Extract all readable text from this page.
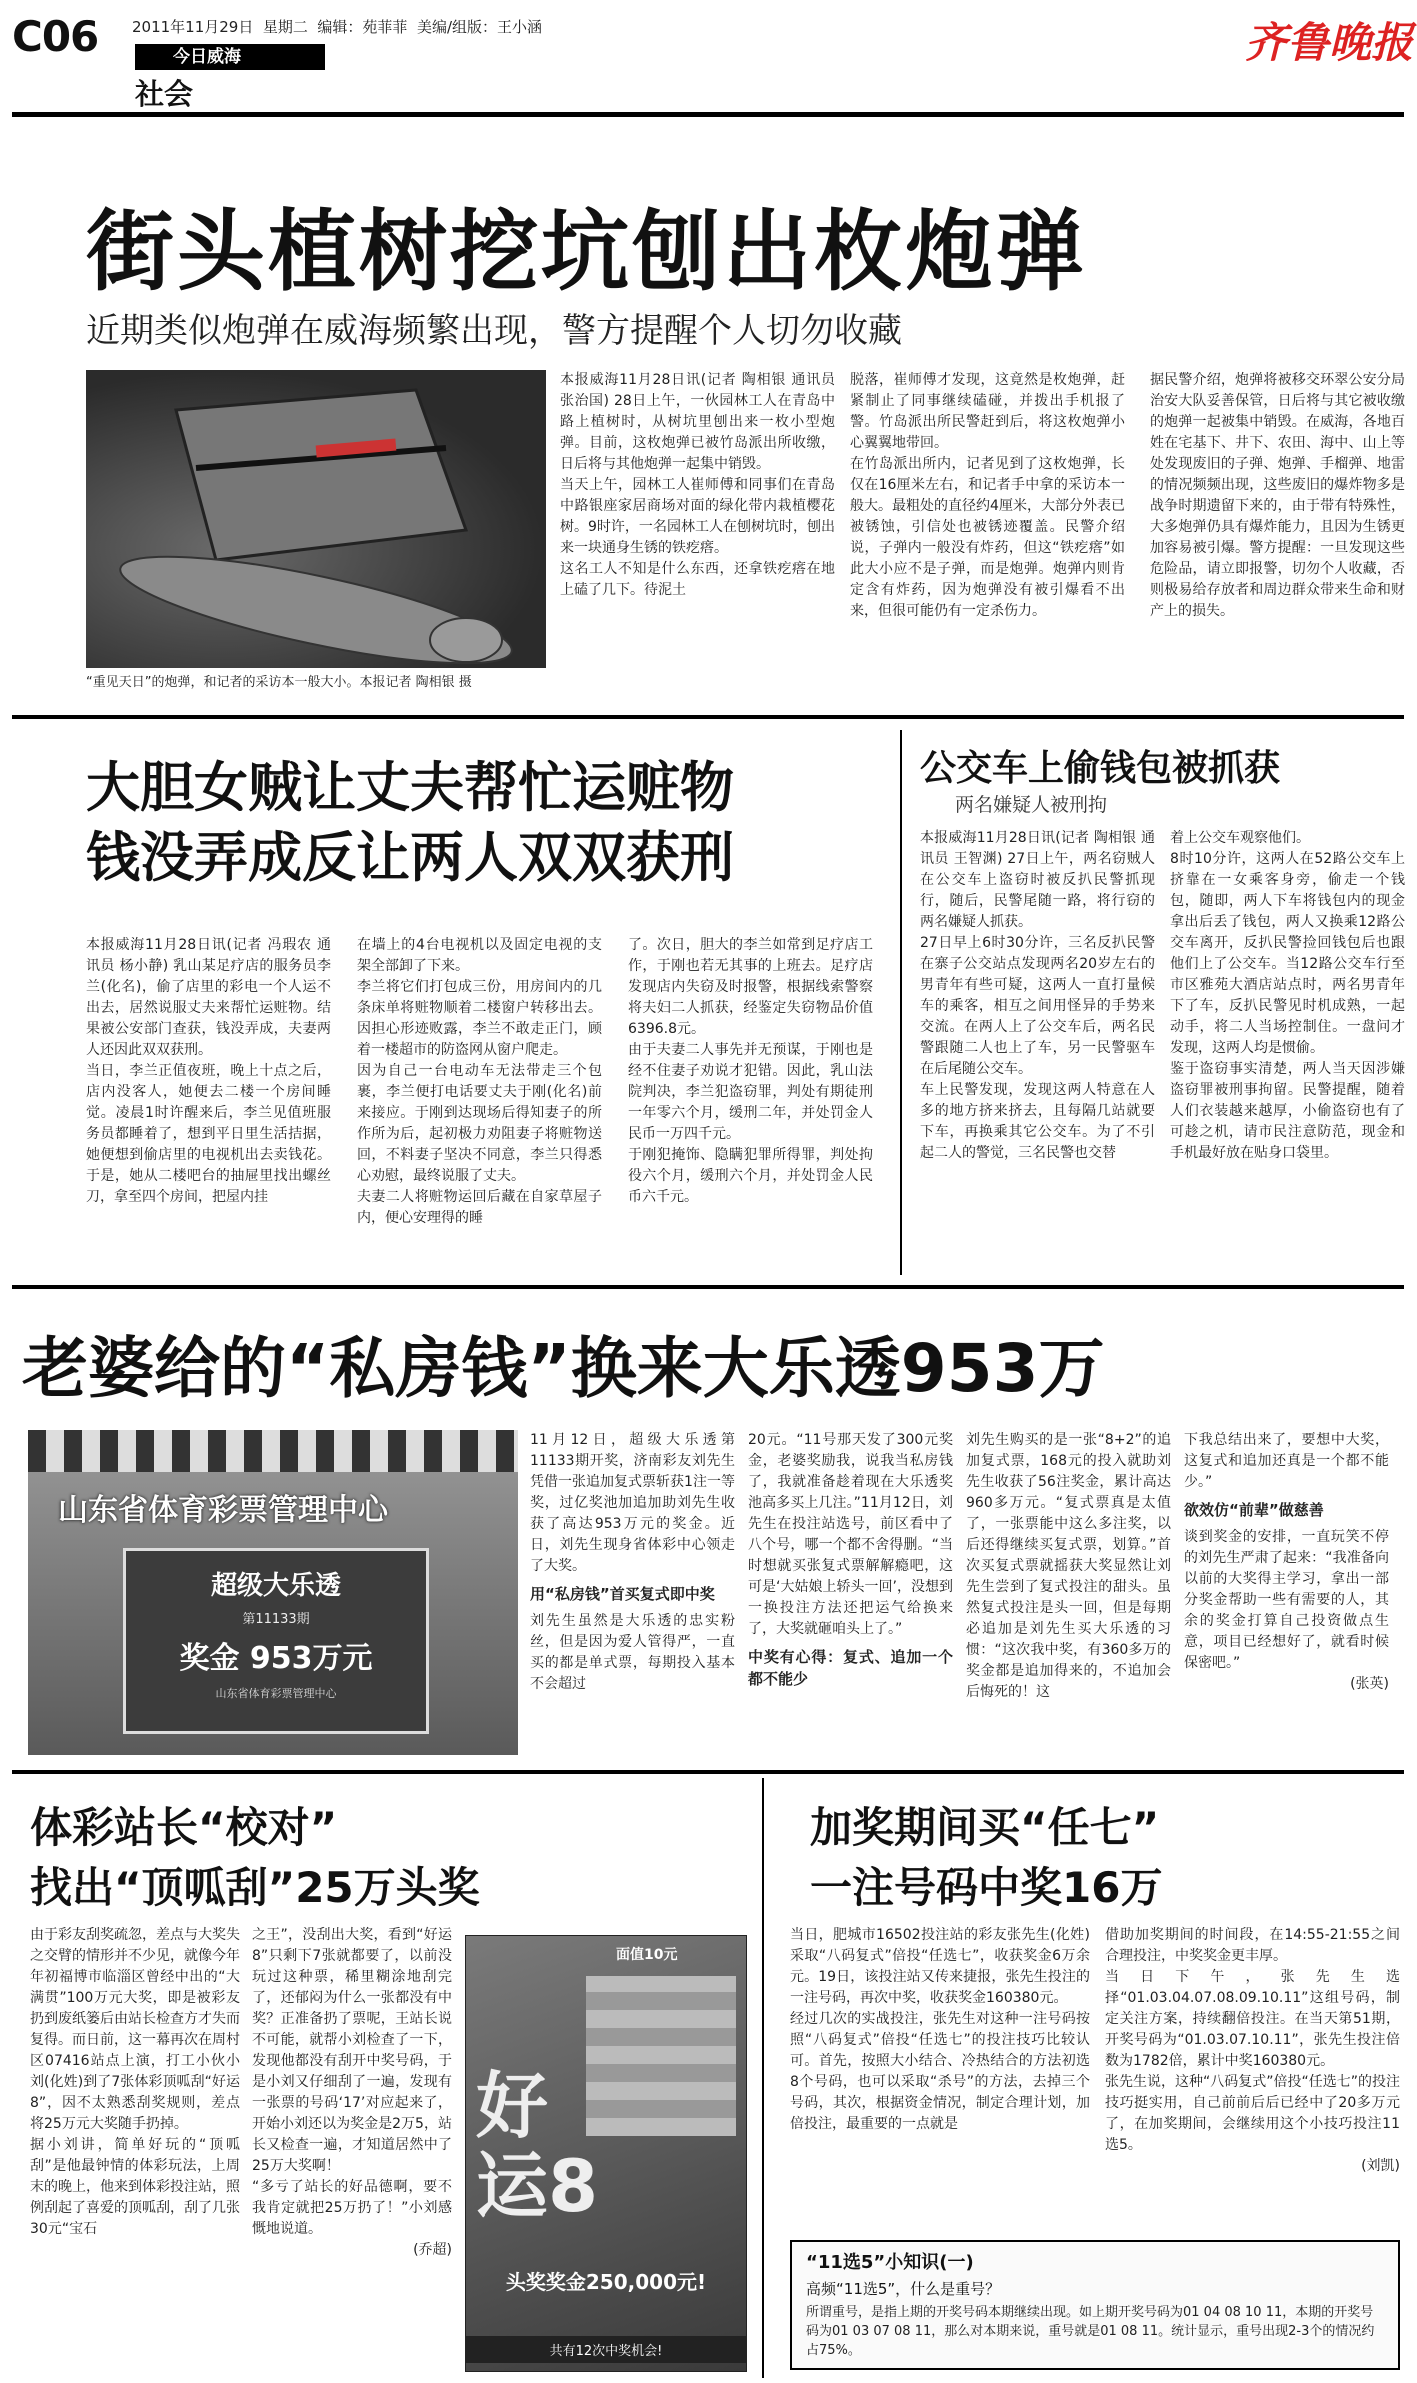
C06 2011年11月29日  星期二  编辑：苑菲菲  美编/组版：王小涵
今日威海
社会
齐鲁晚报
街头植树挖坑刨出枚炮弹
近期类似炮弹在威海频繁出现，警方提醒个人切勿收藏
“重见天日”的炮弹，和记者的采访本一般大小。本报记者 陶相银 摄
本报威海11月28日讯(记者 陶相银 通讯员 张治国) 28日上午，一伙园林工人在青岛中路上植树时，从树坑里刨出来一枚小型炮弹。目前，这枚炮弹已被竹岛派出所收缴，日后将与其他炮弹一起集中销毁。
当天上午，园林工人崔师傅和同事们在青岛中路银座家居商场对面的绿化带内栽植樱花树。9时许，一名园林工人在刨树坑时，刨出来一块通身生锈的铁疙瘩。
这名工人不知是什么东西，还拿铁疙瘩在地上磕了几下。待泥土
脱落，崔师傅才发现，这竟然是枚炮弹，赶紧制止了同事继续磕碰，并拨出手机报了警。竹岛派出所民警赶到后，将这枚炮弹小心翼翼地带回。
在竹岛派出所内，记者见到了这枚炮弹，长仅在16厘米左右，和记者手中拿的采访本一般大。最粗处的直径约4厘米，大部分外表已被锈蚀，引信处也被锈迹覆盖。民警介绍说，子弹内一般没有炸药，但这“铁疙瘩”如此大小应不是子弹，而是炮弹。炮弹内则肯定含有炸药，因为炮弹没有被引爆看不出来，但很可能仍有一定杀伤力。
据民警介绍，炮弹将被移交环翠公安分局治安大队妥善保管，日后将与其它被收缴的炮弹一起被集中销毁。在威海，各地百姓在宅基下、井下、农田、海中、山上等处发现废旧的子弹、炮弹、手榴弹、地雷的情况频频出现，这些废旧的爆炸物多是战争时期遗留下来的，由于带有特殊性，大多炮弹仍具有爆炸能力，且因为生锈更加容易被引爆。警方提醒：一旦发现这些危险品，请立即报警，切勿个人收藏，否则极易给存放者和周边群众带来生命和财产上的损失。
大胆女贼让丈夫帮忙运赃物
钱没弄成反让两人双双获刑
本报威海11月28日讯(记者 冯瑕农 通讯员 杨小静) 乳山某足疗店的服务员李兰(化名)，偷了店里的彩电一个人运不出去，居然说服丈夫来帮忙运赃物。结果被公安部门查获，钱没弄成，夫妻两人还因此双双获刑。
当日，李兰正值夜班，晚上十点之后，店内没客人，她便去二楼一个房间睡觉。凌晨1时许醒来后，李兰见值班服务员都睡着了，想到平日里生活拮据，她便想到偷店里的电视机出去卖钱花。于是，她从二楼吧台的抽屉里找出螺丝刀，拿至四个房间，把屋内挂
在墙上的4台电视机以及固定电视的支架全部卸了下来。
李兰将它们打包成三份，用房间内的几条床单将赃物顺着二楼窗户转移出去。因担心形迹败露，李兰不敢走正门，顾着一楼超市的防盗网从窗户爬走。
因为自己一台电动车无法带走三个包裹，李兰便打电话要丈夫于刚(化名)前来接应。于刚到达现场后得知妻子的所作所为后，起初极力劝阻妻子将赃物送回，不料妻子坚决不同意，李兰只得悉心劝慰，最终说服了丈夫。
夫妻二人将赃物运回后藏在自家草屋子内，便心安理得的睡
了。次日，胆大的李兰如常到足疗店工作，于刚也若无其事的上班去。足疗店发现店内失窃及时报警，根据线索警察将夫妇二人抓获，经鉴定失窃物品价值6396.8元。
由于夫妻二人事先并无预谋，于刚也是经不住妻子劝说才犯错。因此，乳山法院判决，李兰犯盗窃罪，判处有期徒刑一年零六个月，缓刑二年，并处罚金人民币一万四千元。
于刚犯掩饰、隐瞒犯罪所得罪，判处拘役六个月，缓刑六个月，并处罚金人民币六千元。
公交车上偷钱包被抓获
两名嫌疑人被刑拘
本报威海11月28日讯(记者 陶相银 通讯员 王智渊) 27日上午，两名窃贼人在公交车上盗窃时被反扒民警抓现行，随后，民警尾随一路，将行窃的两名嫌疑人抓获。
27日早上6时30分许，三名反扒民警在寨子公交站点发现两名20岁左右的男青年有些可疑，这两人一直打量候车的乘客，相互之间用怪异的手势来交流。在两人上了公交车后，两名民警跟随二人也上了车，另一民警驱车在后尾随公交车。
车上民警发现，发现这两人特意在人多的地方挤来挤去，且每隔几站就要下车，再换乘其它公交车。为了不引起二人的警觉，三名民警也交替
着上公交车观察他们。
8时10分许，这两人在52路公交车上挤靠在一女乘客身旁，偷走一个钱包，随即，两人下车将钱包内的现金拿出后丢了钱包，两人又换乘12路公交车离开，反扒民警捡回钱包后也跟他们上了公交车。当12路公交车行至市区雅苑大酒店站点时，两名男青年下了车，反扒民警见时机成熟，一起动手，将二人当场控制住。一盘问才发现，这两人均是惯偷。
鉴于盗窃事实清楚，两人当天因涉嫌盗窃罪被刑事拘留。民警提醒，随着人们衣装越来越厚，小偷盗窃也有了可趁之机，请市民注意防范，现金和手机最好放在贴身口袋里。
老婆给的“私房钱”换来大乐透953万
山东省体育彩票管理中心
超级大乐透
第11133期
奖金 953万元
山东省体育彩票管理中心
11月12日，超级大乐透第11133期开奖，济南彩友刘先生凭借一张追加复式票斩获1注一等奖，过亿奖池加追加助刘先生收获了高达953万元的奖金。近日，刘先生现身省体彩中心领走了大奖。
用“私房钱”首买复式即中奖
刘先生虽然是大乐透的忠实粉丝，但是因为爱人管得严，一直买的都是单式票，每期投入基本不会超过
20元。“11号那天发了300元奖金，老婆奖励我，说我当私房钱了，我就准备趁着现在大乐透奖池高多买上几注。”11月12日，刘先生在投注站选号，前区看中了八个号，哪一个都不舍得删。“当时想就买张复式票解解瘾吧，这可是‘大姑娘上轿头一回’，没想到一换投注方法还把运气给换来了，大奖就砸咱头上了。”
中奖有心得：复式、追加一个都不能少
刘先生购买的是一张“8+2”的追加复式票，168元的投入就助刘先生收获了56注奖金，累计高达960多万元。“复式票真是太值了，一张票能中这么多注奖，以后还得继续买复式票，划算。”首次买复式票就摇获大奖显然让刘先生尝到了复式投注的甜头。虽然复式投注是头一回，但是每期必追加是刘先生买大乐透的习惯：“这次我中奖，有360多万的奖金都是追加得来的，不追加会后悔死的！这
下我总结出来了，要想中大奖，这复式和追加还真是一个都不能少。”
欲效仿“前辈”做慈善
谈到奖金的安排，一直玩笑不停的刘先生严肃了起来：“我准备向以前的大奖得主学习，拿出一部分奖金帮助一些有需要的人，其余的奖金打算自己投资做点生意，项目已经想好了，就看时候保密吧。”
(张英)
体彩站长“校对”
找出“顶呱刮”25万头奖
由于彩友刮奖疏忽，差点与大奖失之交臂的情形并不少见，就像今年年初福博市临淄区曾经中出的“大满贯”100万元大奖，即是被彩友扔到废纸篓后由站长检查方才失而复得。而日前，这一幕再次在周村区07416站点上演，打工小伙小刘(化姓)到了7张体彩顶呱刮“好运8”，因不太熟悉刮奖规则，差点将25万元大奖随手扔掉。
据小刘讲，简单好玩的“顶呱刮”是他最钟情的体彩玩法，上周末的晚上，他来到体彩投注站，照例刮起了喜爱的顶呱刮，刮了几张30元“宝石
之王”，没刮出大奖，看到“好运8”只剩下7张就都要了，以前没玩过这种票，稀里糊涂地刮完了，还郁闷为什么一张都没有中奖？正准备扔了票呢，王站长说不可能，就帮小刘检查了一下，发现他都没有刮开中奖号码，于是小刘又仔细刮了一遍，发现有一张票的号码‘17’对应起来了，开始小刘还以为奖金是2万5，站长又检查一遍，才知道居然中了25万大奖啊！
“多亏了站长的好品德啊，要不我肯定就把25万扔了！”小刘感慨地说道。
(乔超)
面值10元
好运8
头奖奖金250,000元!
共有12次中奖机会!
加奖期间买“任七”
一注号码中奖16万
当日，肥城市16502投注站的彩友张先生(化姓)采取“八码复式”倍投“任选七”，收获奖金6万余元。19日，该投注站又传来捷报，张先生投注的一注号码，再次中奖，收获奖金160380元。
经过几次的实战投注，张先生对这种一注号码按照“八码复式”倍投“任选七”的投注技巧比较认可。首先，按照大小结合、冷热结合的方法初选8个号码，也可以采取“杀号”的方法，去掉三个号码，其次，根据资金情况，制定合理计划，加倍投注，最重要的一点就是
借助加奖期间的时间段，在14:55-21:55之间合理投注，中奖奖金更丰厚。
当日下午，张先生选择“01.03.04.07.08.09.10.11”这组号码，制定关注方案，持续翻倍投注。在当天第51期，开奖号码为“01.03.07.10.11”，张先生投注倍数为1782倍，累计中奖160380元。
张先生说，这种“八码复式”倍投“任选七”的投注技巧挺实用，自己前前后后已经中了20多万元了，在加奖期间，会继续用这个小技巧投注11选5。
(刘凯)
“11选5”小知识(一)
高频“11选5”，什么是重号？
所谓重号，是指上期的开奖号码本期继续出现。如上期开奖号码为01 04 08 10 11，本期的开奖号码为01 03 07 08 11，那么对本期来说，重号就是01 08 11。统计显示，重号出现2-3个的情况约占75%。
